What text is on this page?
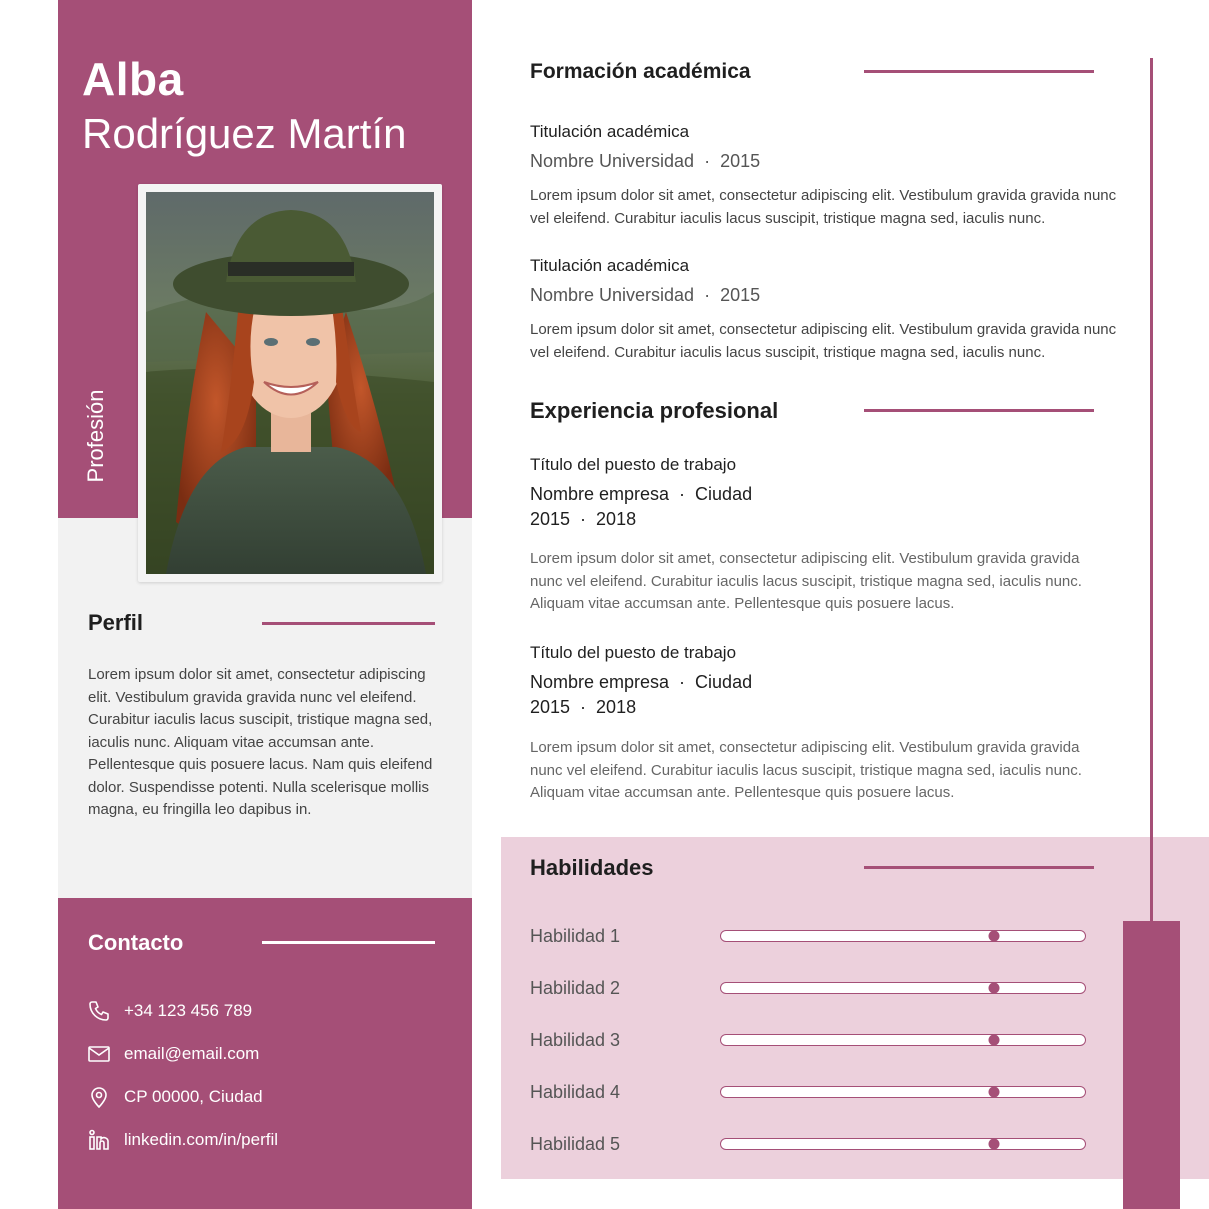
Alba
Rodríguez Martín
Profesión
Perfil
Lorem ipsum dolor sit amet, consectetur adipiscing elit. Vestibulum gravida gravida nunc vel eleifend. Curabitur iaculis lacus suscipit, tristique magna sed, iaculis nunc. Aliquam vitae accumsan ante. Pellentesque quis posuere lacus. Nam quis eleifend dolor. Suspendisse potenti. Nulla scelerisque mollis magna, eu fringilla leo dapibus in.
Contacto
+34 123 456 789
email@email.com
CP 00000, Ciudad
linkedin.com/in/perfil
Formación académica
Titulación académica
Nombre Universidad  ·  2015
Lorem ipsum dolor sit amet, consectetur adipiscing elit. Vestibulum gravida gravida nunc vel eleifend. Curabitur iaculis lacus suscipit, tristique magna sed, iaculis nunc.
Titulación académica
Nombre Universidad  ·  2015
Lorem ipsum dolor sit amet, consectetur adipiscing elit. Vestibulum gravida gravida nunc vel eleifend. Curabitur iaculis lacus suscipit, tristique magna sed, iaculis nunc.
Experiencia profesional
Título del puesto de trabajo
Nombre empresa  ·  Ciudad
2015  ·  2018
Lorem ipsum dolor sit amet, consectetur adipiscing elit. Vestibulum gravida gravida nunc vel eleifend. Curabitur iaculis lacus suscipit, tristique magna sed, iaculis nunc. Aliquam vitae accumsan ante. Pellentesque quis posuere lacus.
Título del puesto de trabajo
Nombre empresa  ·  Ciudad
2015  ·  2018
Lorem ipsum dolor sit amet, consectetur adipiscing elit. Vestibulum gravida gravida nunc vel eleifend. Curabitur iaculis lacus suscipit, tristique magna sed, iaculis nunc. Aliquam vitae accumsan ante. Pellentesque quis posuere lacus.
Habilidades
Habilidad 1
Habilidad 2
Habilidad 3
Habilidad 4
Habilidad 5
